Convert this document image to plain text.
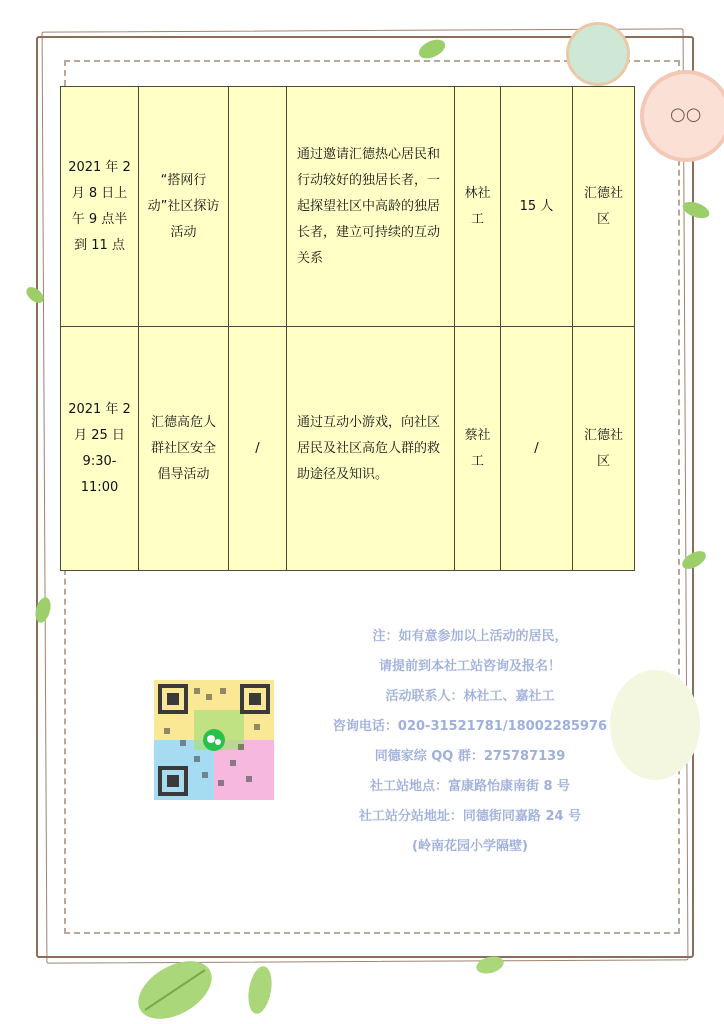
○○
2021 年 2 月 8 日上午 9 点半到 11 点	“搭网行动”社区探访活动		通过邀请汇德热心居民和行动较好的独居长者，一起探望社区中高龄的独居长者，建立可持续的互动关系	林社工	15 人	汇德社区
2021 年 2 月 25 日 9:30-11:00	汇德高危人群社区安全倡导活动	/	通过互动小游戏，向社区居民及社区高危人群的救助途径及知识。	蔡社工	/	汇德社区
注：如有意参加以上活动的居民，
请提前到本社工站咨询及报名！
活动联系人：林社工、嘉社工
咨询电话：020-31521781/18002285976
同德家综 QQ 群：275787139
社工站地点：富康路怡康南街 8 号
社工站分站地址：同德街同嘉路 24 号
(岭南花园小学隔壁)
